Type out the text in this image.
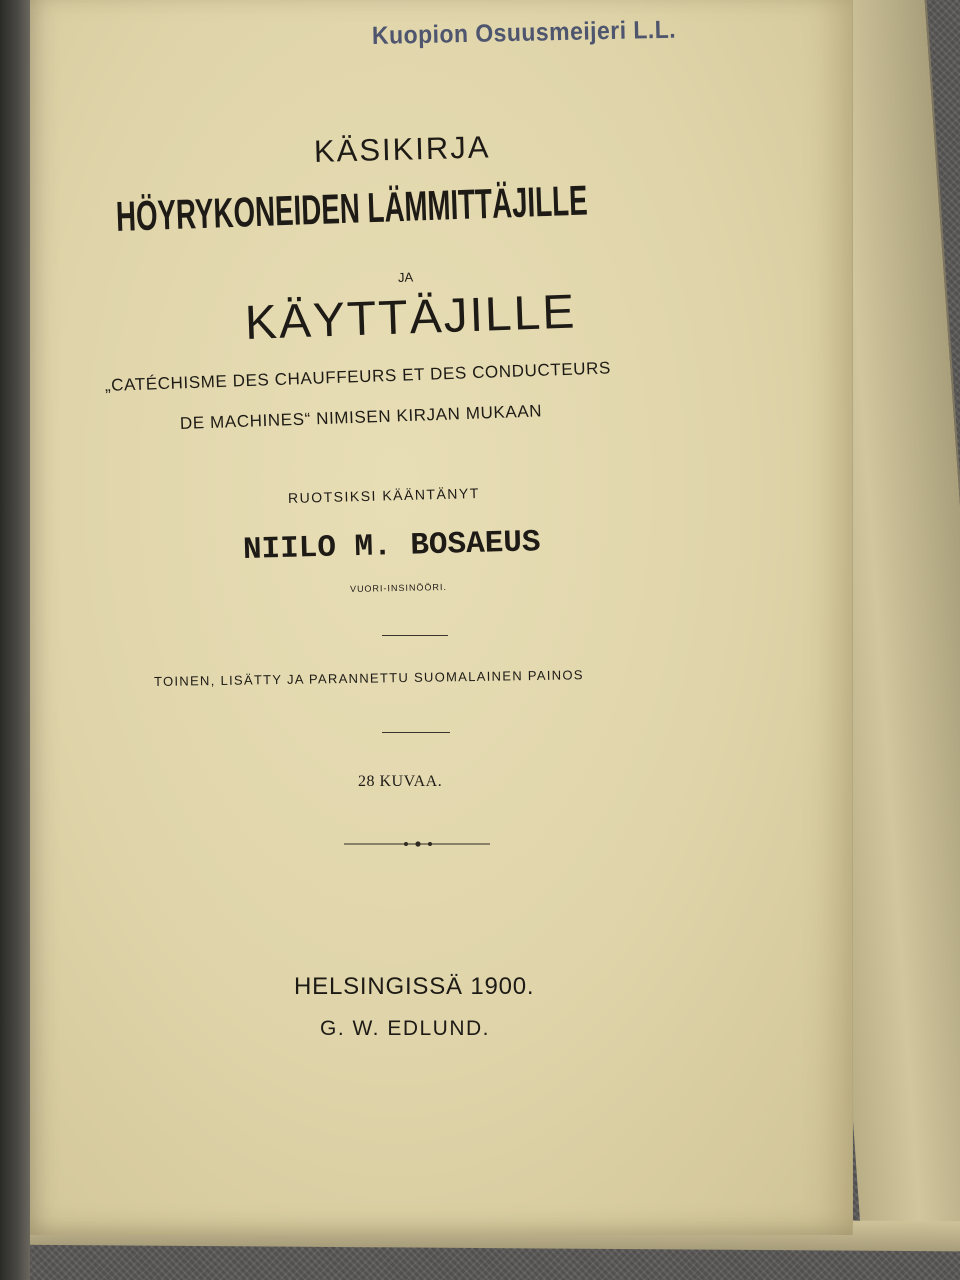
Kuopion Osuusmeijeri L.L.
KÄSIKIRJA
HÖYRYKONEIDEN LÄMMITTÄJILLE
JA
KÄYTTÄJILLE
„CATÉCHISME DES CHAUFFEURS ET DES CONDUCTEURS
DE MACHINES“ NIMISEN KIRJAN MUKAAN
RUOTSIKSI KÄÄNTÄNYT
NIILO M. BOSAEUS
VUORI-INSINÖÖRI.
TOINEN, LISÄTTY JA PARANNETTU SUOMALAINEN PAINOS
28 KUVAA.
HELSINGISSÄ 1900.
G. W. EDLUND.
